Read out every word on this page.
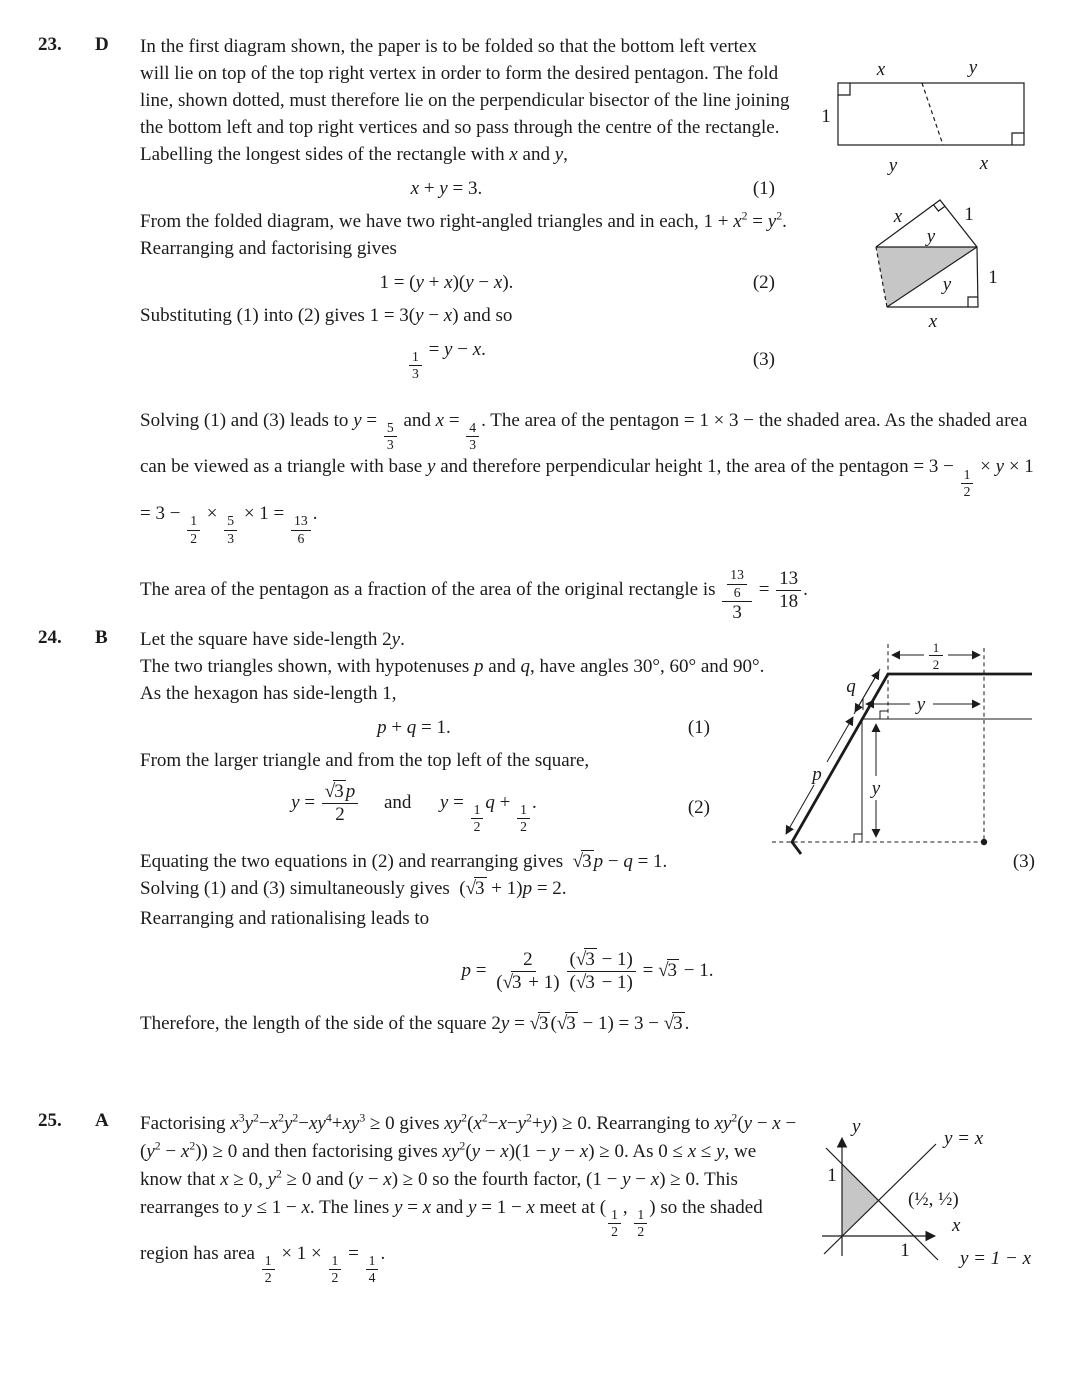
23. D In the first diagram shown, the paper is to be folded so that the bottom left vertex will lie on top of the top right vertex in order to form the desired pentagon. The fold line, shown dotted, must therefore lie on the perpendicular bisector of the line joining the bottom left and top right vertices and so pass through the centre of the rectangle. Labelling the longest sides of the rectangle with x and y,

x + y = 3.	(1)

From the folded diagram, we have two right-angled triangles and in each, $1 + x^2 = y^2$. Rearranging and factorising gives

1 = (y + x)(y − x).	(2)

Substituting (1) into (2) gives 1 = 3(y − x) and so

$\frac{1}{3}$
= y − x.	(3)

Solving (1) and (3) leads to y =
$\frac{5}{3}$
and x =
$\frac{4}{3}$
. The area of the pentagon = 1 × 3 − the shaded area. As the shaded area can be viewed as a triangle with base y and therefore perpendicular height 1, the area of the pentagon = 3 −
$\frac{1}{2}$
× y × 1 = 3 −
$\frac{1}{2}$
×
$\frac{5}{3}$
× 1 =
$\frac{13}{6}$
.

The area of the pentagon as a fraction of the area of the original rectangle is $\frac{\frac{13}{6}}{3} = \frac{13}{18}$ .

x	y
1
y	x
x	1
y
y 1
x
24. B Let the square have side-length 2y.
The two triangles shown, with hypotenuses p and q, have angles 30°, 60° and 90°. As the hexagon has side-length 1,

p + q = 1.	(1)

From the larger triangle and from the top left of the square,

$y = \frac{√3 p}{2}$ and      y =
$\frac{1}{2}$
q +
$\frac{1}{2}$
.	(2)
Equating the two equations in (2) and rearranging gives  √3 p − q = 1.	(3)

Solving (1) and (3) simultaneously gives  (√3 + 1)p = 2.

Rearranging and rationalising leads to

$p = \frac{2}{(√3 + 1)} \frac{(√3 - 1)}{(√3 - 1)} = √3 - 1$.

Therefore, the length of the side of the square 2y = √3 (√3 − 1) = 3 − √3 .

1
2
y
y
q
p
25. A Factorising $x^3y^2-x^2y^2-xy^4+xy^3 \ge 0$ gives $xy^2(x^2-x-y^2+y) \ge 0$. Rearranging to $xy^2(y - x - (y^2 - x^2)) \ge 0$ and then factorising gives $xy^2(y - x)(1 - y - x) \ge 0$. As 0 ≤ x ≤ y, we know that x ≥ 0, $y^2 \ge 0$ and (y − x) ≥ 0 so the fourth factor, (1 − y − x) ≥ 0. This rearranges to y ≤ 1 − x. The lines y = x and y = 1 − x meet at (
$\frac{1}{2}$
,
$\frac{1}{2}$
) so the shaded region has area
$\frac{1}{2}$
× 1 ×
$\frac{1}{2}$
=
$\frac{1}{4}$
.

y
x
y = x
y = 1 − x
1
1
(½, ½)
